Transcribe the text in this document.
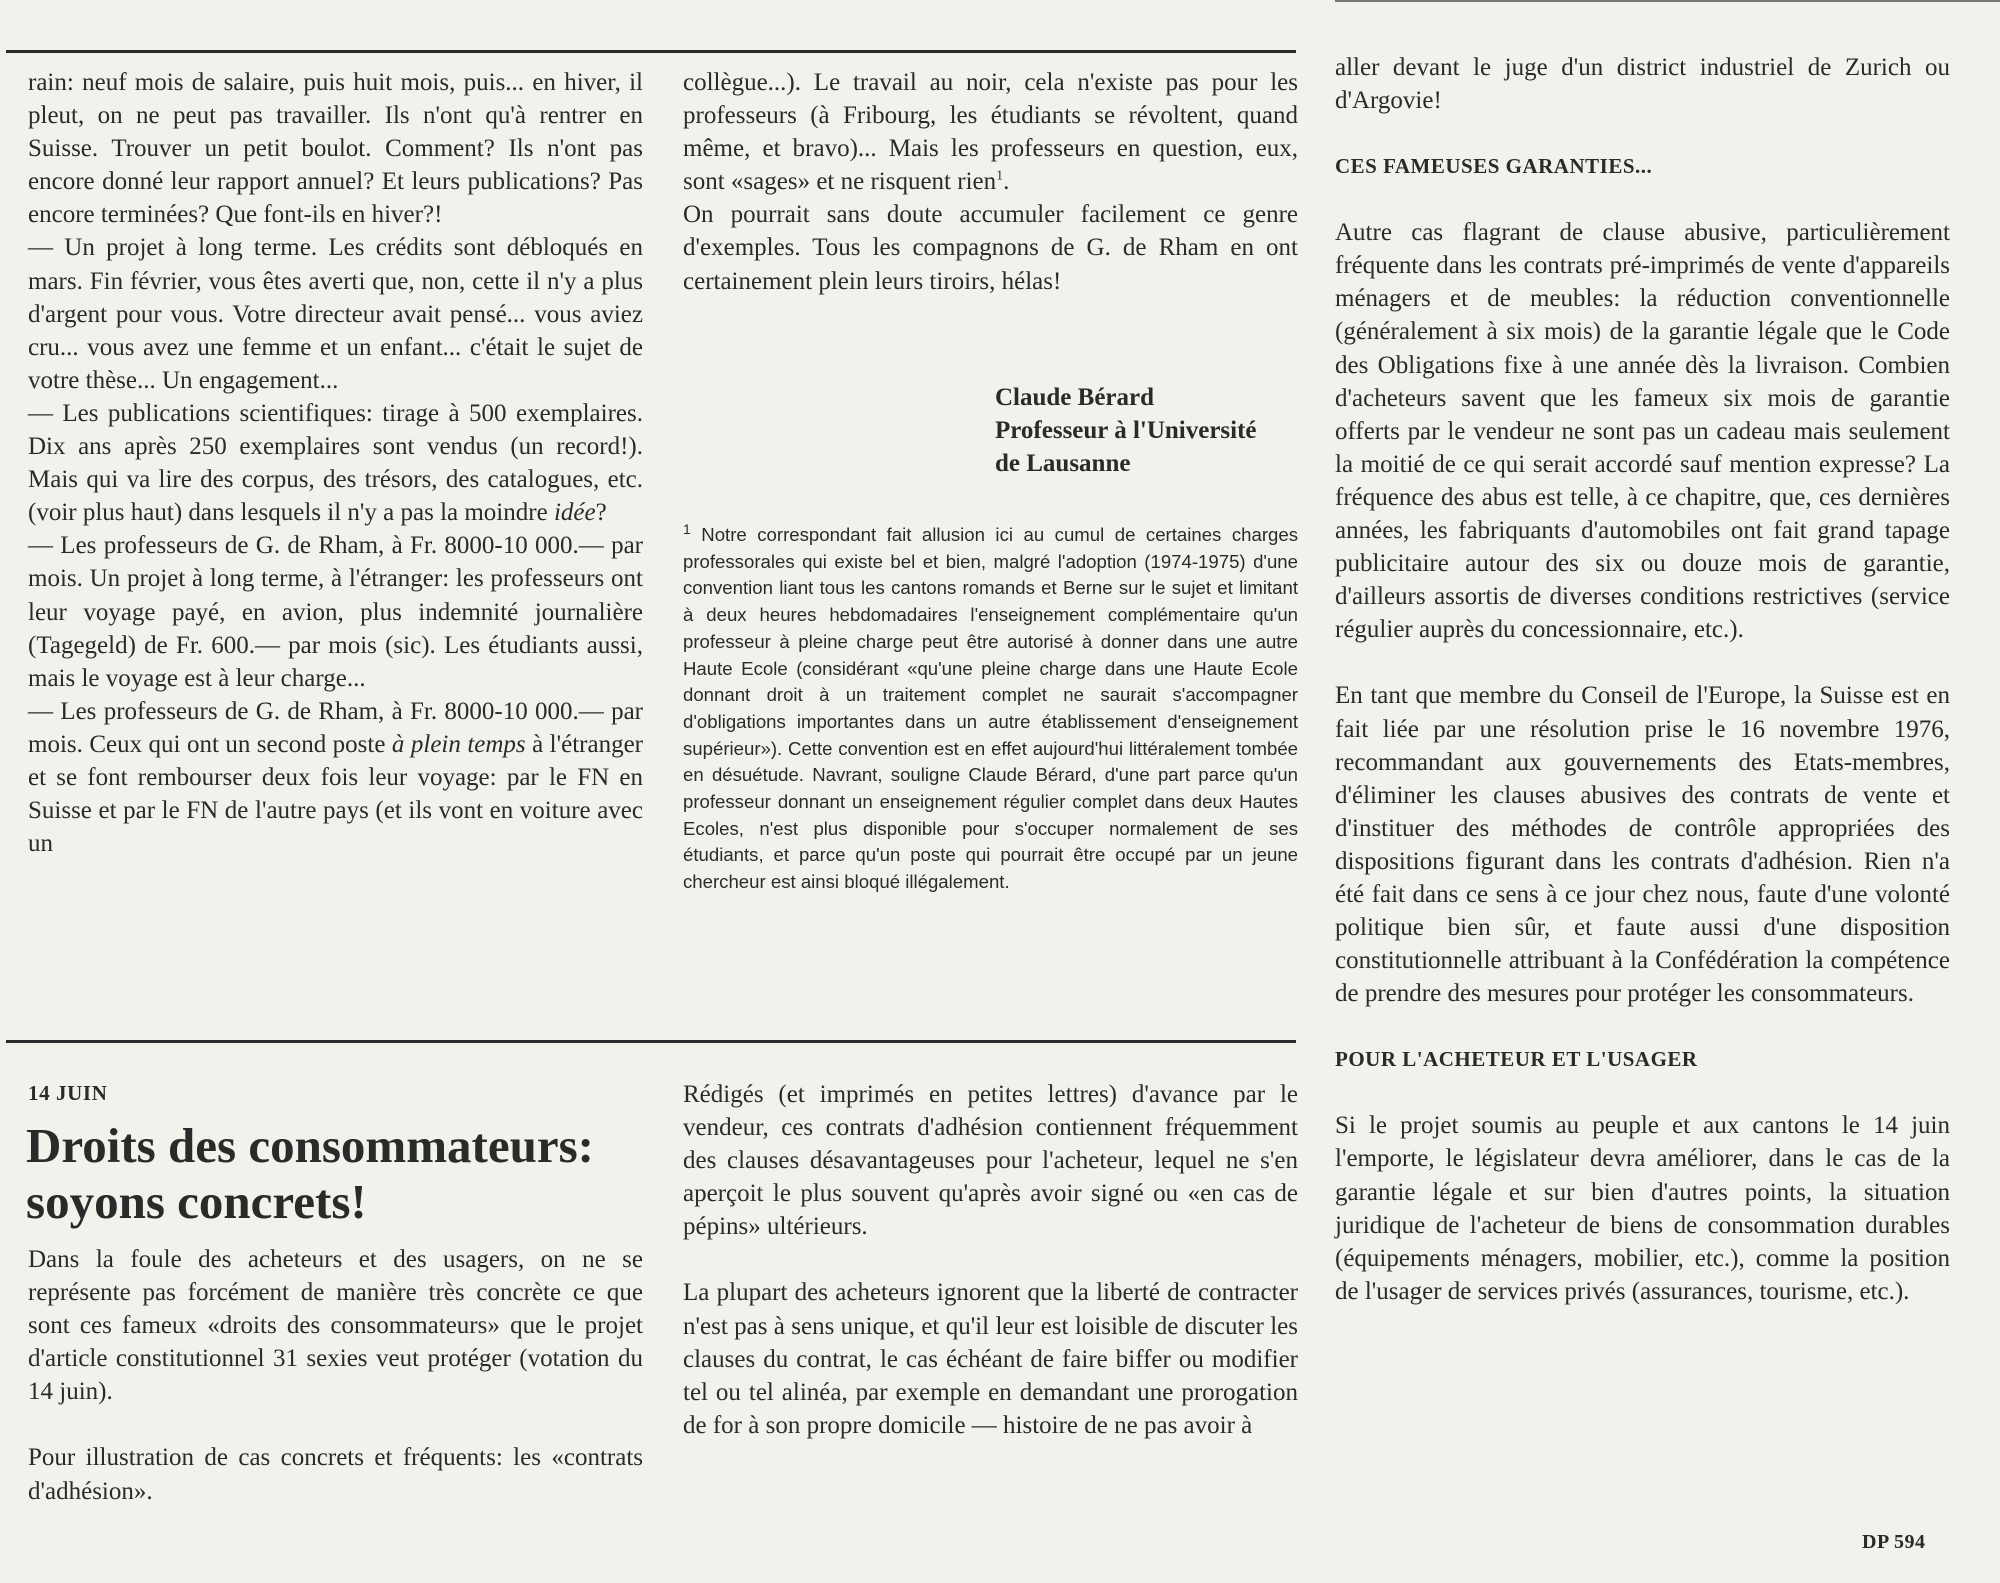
rain: neuf mois de salaire, puis huit mois, puis... en hiver, il pleut, on ne peut pas travailler. Ils n'ont qu'à rentrer en Suisse. Trouver un petit boulot. Comment? Ils n'ont pas encore donné leur rapport annuel? Et leurs publications? Pas encore terminées? Que font-ils en hiver?!

— Un projet à long terme. Les crédits sont débloqués en mars. Fin février, vous êtes averti que, non, cette il n'y a plus d'argent pour vous. Votre directeur avait pensé... vous aviez cru... vous avez une femme et un enfant... c'était le sujet de votre thèse... Un engagement...

— Les publications scientifiques: tirage à 500 exemplaires. Dix ans après 250 exemplaires sont vendus (un record!). Mais qui va lire des corpus, des trésors, des catalogues, etc. (voir plus haut) dans lesquels il n'y a pas la moindre idée?

— Les professeurs de G. de Rham, à Fr. 8000-10 000.— par mois. Un projet à long terme, à l'étranger: les professeurs ont leur voyage payé, en avion, plus indemnité journalière (Tagegeld) de Fr. 600.— par mois (sic). Les étudiants aussi, mais le voyage est à leur charge...

— Les professeurs de G. de Rham, à Fr. 8000-10 000.— par mois. Ceux qui ont un second poste à plein temps à l'étranger et se font rembourser deux fois leur voyage: par le FN en Suisse et par le FN de l'autre pays (et ils vont en voiture avec un

collègue...). Le travail au noir, cela n'existe pas pour les professeurs (à Fribourg, les étudiants se révoltent, quand même, et bravo)... Mais les professeurs en question, eux, sont «sages» et ne risquent rien$^1$.

On pourrait sans doute accumuler facilement ce genre d'exemples. Tous les compagnons de G. de Rham en ont certainement plein leurs tiroirs, hélas!

Claude Bérard
Professeur à l'Université
de Lausanne

$^1$ Notre correspondant fait allusion ici au cumul de certaines charges professorales qui existe bel et bien, malgré l'adoption (1974-1975) d'une convention liant tous les cantons romands et Berne sur le sujet et limitant à deux heures hebdomadaires l'enseignement complémentaire qu'un professeur à pleine charge peut être autorisé à donner dans une autre Haute Ecole (considérant «qu'une pleine charge dans une Haute Ecole donnant droit à un traitement complet ne saurait s'accompagner d'obligations importantes dans un autre établissement d'enseignement supérieur»). Cette convention est en effet aujourd'hui littéralement tombée en désuétude. Navrant, souligne Claude Bérard, d'une part parce qu'un professeur donnant un enseignement régulier complet dans deux Hautes Ecoles, n'est plus disponible pour s'occuper normalement de ses étudiants, et parce qu'un poste qui pourrait être occupé par un jeune chercheur est ainsi bloqué illégalement.

aller devant le juge d'un district industriel de Zurich ou d'Argovie!

CES FAMEUSES GARANTIES...

Autre cas flagrant de clause abusive, particulièrement fréquente dans les contrats pré-imprimés de vente d'appareils ménagers et de meubles: la réduction conventionnelle (généralement à six mois) de la garantie légale que le Code des Obligations fixe à une année dès la livraison. Combien d'acheteurs savent que les fameux six mois de garantie offerts par le vendeur ne sont pas un cadeau mais seulement la moitié de ce qui serait accordé sauf mention expresse? La fréquence des abus est telle, à ce chapitre, que, ces dernières années, les fabriquants d'automobiles ont fait grand tapage publicitaire autour des six ou douze mois de garantie, d'ailleurs assortis de diverses conditions restrictives (service régulier auprès du concessionnaire, etc.).

En tant que membre du Conseil de l'Europe, la Suisse est en fait liée par une résolution prise le 16 novembre 1976, recommandant aux gouvernements des Etats-membres, d'éliminer les clauses abusives des contrats de vente et d'instituer des méthodes de contrôle appropriées des dispositions figurant dans les contrats d'adhésion. Rien n'a été fait dans ce sens à ce jour chez nous, faute d'une volonté politique bien sûr, et faute aussi d'une disposition constitutionnelle attribuant à la Confédération la compétence de prendre des mesures pour protéger les consommateurs.

POUR L'ACHETEUR ET L'USAGER

Si le projet soumis au peuple et aux cantons le 14 juin l'emporte, le législateur devra améliorer, dans le cas de la garantie légale et sur bien d'autres points, la situation juridique de l'acheteur de biens de consommation durables (équipements ménagers, mobilier, etc.), comme la position de l'usager de services privés (assurances, tourisme, etc.).

14 JUIN
Droits des consommateurs:
soyons concrets!

Dans la foule des acheteurs et des usagers, on ne se représente pas forcément de manière très concrète ce que sont ces fameux «droits des consommateurs» que le projet d'article constitutionnel 31 sexies veut protéger (votation du 14 juin).

Pour illustration de cas concrets et fréquents: les «contrats d'adhésion».

Rédigés (et imprimés en petites lettres) d'avance par le vendeur, ces contrats d'adhésion contiennent fréquemment des clauses désavantageuses pour l'acheteur, lequel ne s'en aperçoit le plus souvent qu'après avoir signé ou «en cas de pépins» ultérieurs.

La plupart des acheteurs ignorent que la liberté de contracter n'est pas à sens unique, et qu'il leur est loisible de discuter les clauses du contrat, le cas échéant de faire biffer ou modifier tel ou tel alinéa, par exemple en demandant une prorogation de for à son propre domicile — histoire de ne pas avoir à

DP 594
